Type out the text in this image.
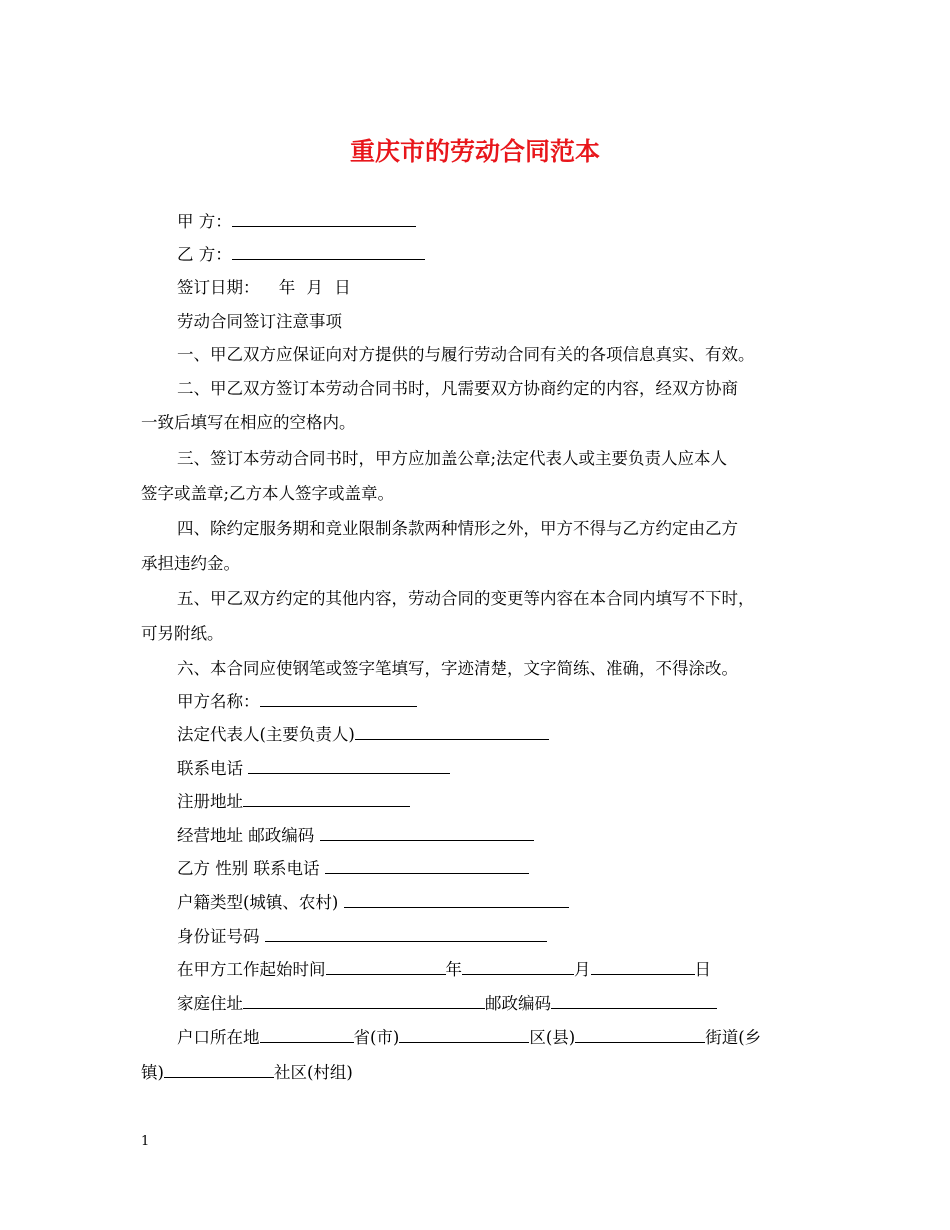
重庆市的劳动合同范本
甲 方：
乙 方：
签订日期： 年 月 日
劳动合同签订注意事项
一、甲乙双方应保证向对方提供的与履行劳动合同有关的各项信息真实、有效。
二、甲乙双方签订本劳动合同书时，凡需要双方协商约定的内容，经双方协商
一致后填写在相应的空格内。
三、签订本劳动合同书时，甲方应加盖公章;法定代表人或主要负责人应本人
签字或盖章;乙方本人签字或盖章。
四、除约定服务期和竞业限制条款两种情形之外，甲方不得与乙方约定由乙方
承担违约金。
五、甲乙双方约定的其他内容，劳动合同的变更等内容在本合同内填写不下时，
可另附纸。
六、本合同应使钢笔或签字笔填写，字迹清楚，文字简练、准确，不得涂改。
甲方名称：
法定代表人(主要负责人)
联系电话
注册地址
经营地址 邮政编码
乙方 性别 联系电话
户籍类型(城镇、农村)
身份证号码
在甲方工作起始时间	年	月	日
家庭住址	邮政编码
户口所在地	省(市)	区(县)	街道(乡
镇)	社区(村组)
1
